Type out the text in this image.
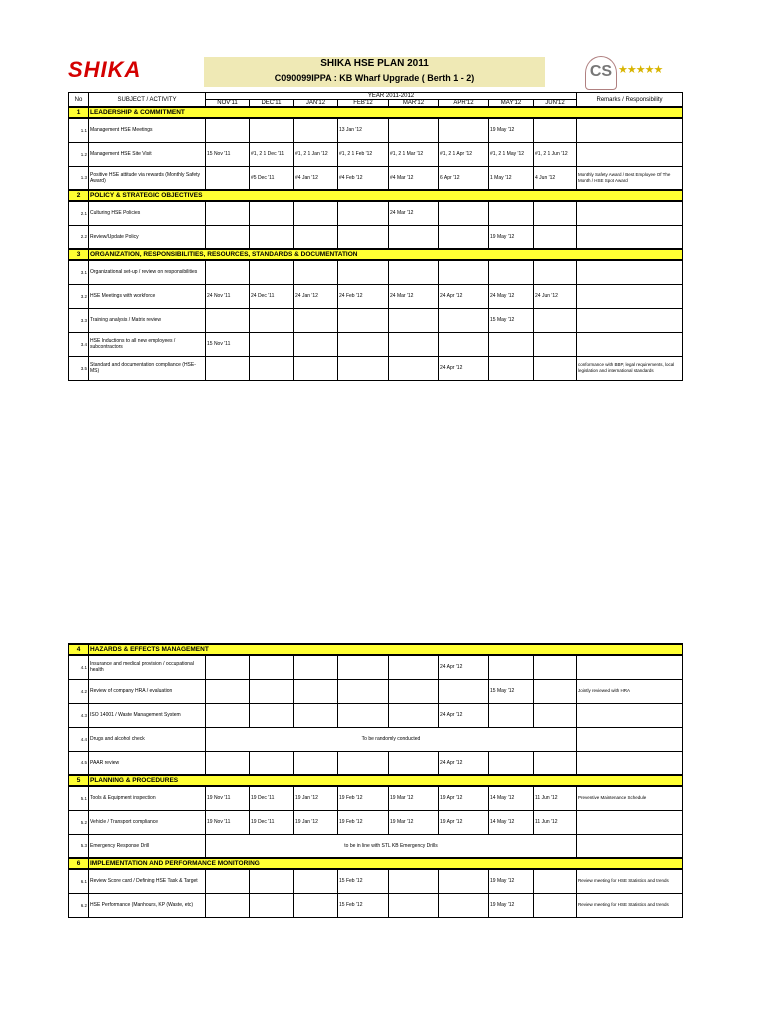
SHIKA	SHIKA HSE PLAN 2011
C090099IPPA : KB Wharf Upgrade ( Berth 1 - 2)	CS ★★★★★
No	SUBJECT / ACTIVITY	YEAR 2011-2012								Remarks / Responsibility
		NOV'11	DEC'11	JAN'12	FEB'12	MAR'12	APR'12	MAY'12	JUN'12	
1	LEADERSHIP & COMMITMENT									
1.1	Management HSE Meetings				13 Jan '12			19 May '12		
1.2	Management HSE Site Visit	15 Nov '11	#1, 2 1 Dec '11	#1, 2 1 Jan '12	#1, 2 1 Feb '12	#1, 2 1 Mar '12	#1, 2 1 Apr '12	#1, 2 1 May '12	#1, 2 1 Jun '12	
1.3	Positive HSE attitude via rewards (Monthly Safety Award)		#5 Dec '11	#4 Jan '12	#4 Feb '12	#4 Mar '12	6 Apr '12	1 May '12	4 Jun '12	Monthly Safety Award / Best Employee Of The Month / HSE Spot Award
2	POLICY & STRATEGIC OBJECTIVES									
2.1	Culturing HSE Policies					24 Mar '12				
2.2	Review/Update Policy							19 May '12		
3	ORGANIZATION, RESPONSIBILITIES, RESOURCES, STANDARDS & DOCUMENTATION									
3.1	Organizational set-up / review on responsibilities									
3.2	HSE Meetings with workforce	24 Nov '11	24 Dec '11	24 Jan '12	24 Feb '12	24 Mar '12	24 Apr '12	24 May '12	24 Jun '12	
3.3	Training analysis / Matrix review							15 May '12		
3.4	HSE Inductions to all new employees / subcontractors	15 Nov '11								
3.5	Standard and documentation compliance (HSE-MS)						24 Apr '12			conformance with BBP, legal requirements, local legislation and international standards
4	HAZARDS & EFFECTS MANAGEMENT									
4.1	Insurance and medical provision / occupational health						24 Apr '12			
4.2	Review of company HRA / evaluation							15 May '12		Jointly reviewed with HRA
4.3	ISO 14001 / Waste Management System						24 Apr '12			
4.4	Drugs and alcohol check	To be randomly conducted								
4.5	PAAR review						24 Apr '12			
5	PLANNING & PROCEDURES									
5.1	Tools & Equipment inspection	19 Nov '11	19 Dec '11	19 Jan '12	19 Feb '12	19 Mar '12	19 Apr '12	14 May '12	11 Jun '12	Preventive Maintenance Schedule
5.2	Vehicle / Transport compliance	19 Nov '11	19 Dec '11	19 Jan '12	19 Feb '12	19 Mar '12	19 Apr '12	14 May '12	11 Jun '12	
5.3	Emergency Response Drill	to be in line with STL KB Emergency Drills								
6	IMPLEMENTATION AND PERFORMANCE MONITORING									
6.1	Review Score card / Defining HSE Task & Target				15 Feb '12			19 May '12		Review meeting for HSE Statistics and trends
6.2	HSE Performance (Manhours, KP (Waste, etc)				15 Feb '12			19 May '12		Review meeting for HSE Statistics and trends
